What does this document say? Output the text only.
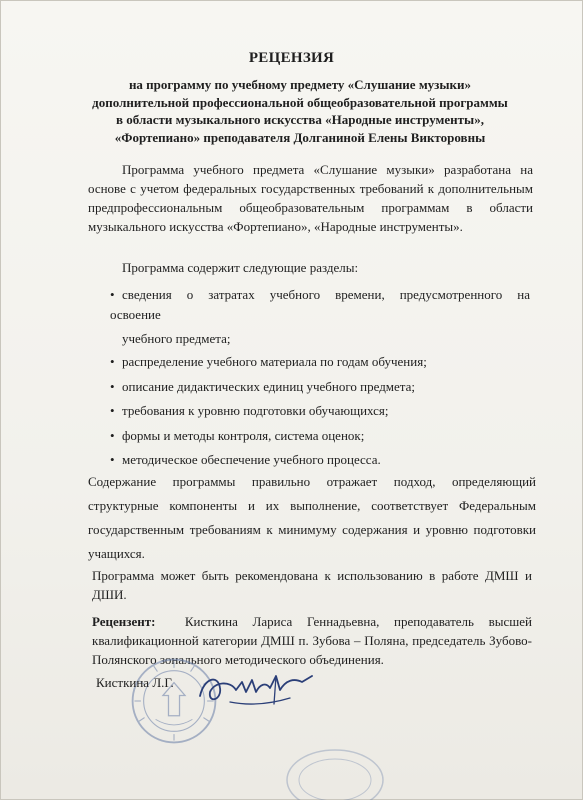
РЕЦЕНЗИЯ
на программу по учебному предмету «Слушание музыки»
дополнительной профессиональной общеобразовательной программы
в области музыкального искусства «Народные инструменты»,
«Фортепиано» преподавателя Долганиной Елены Викторовны
Программа учебного предмета «Слушание музыки» разработана на основе с учетом федеральных государственных требований к дополнительным предпрофессиональным общеобразовательным программам в области музыкального искусства «Фортепиано», «Народные инструменты».
Программа содержит следующие разделы:
• сведения о затратах учебного времени, предусмотренного на
освоение
учебного предмета;
• распределение учебного материала по годам обучения;
• описание дидактических единиц учебного предмета;
• требования к уровню подготовки обучающихся;
• формы и методы контроля, система оценок;
• методическое обеспечение учебного процесса.
Содержание программы правильно отражает подход, определяющий структурные компоненты и их выполнение, соответствует Федеральным государственным требованиям к минимуму содержания и уровню подготовки учащихся.
Программа может быть рекомендована к использованию в работе ДМШ и ДШИ.
Рецензент: Кисткина Лариса Геннадьевна, преподаватель высшей квалификационной категории ДМШ п. Зубова – Поляна, председатель Зубово-Полянского зонального методического объединения.
Кисткина Л.Г.
